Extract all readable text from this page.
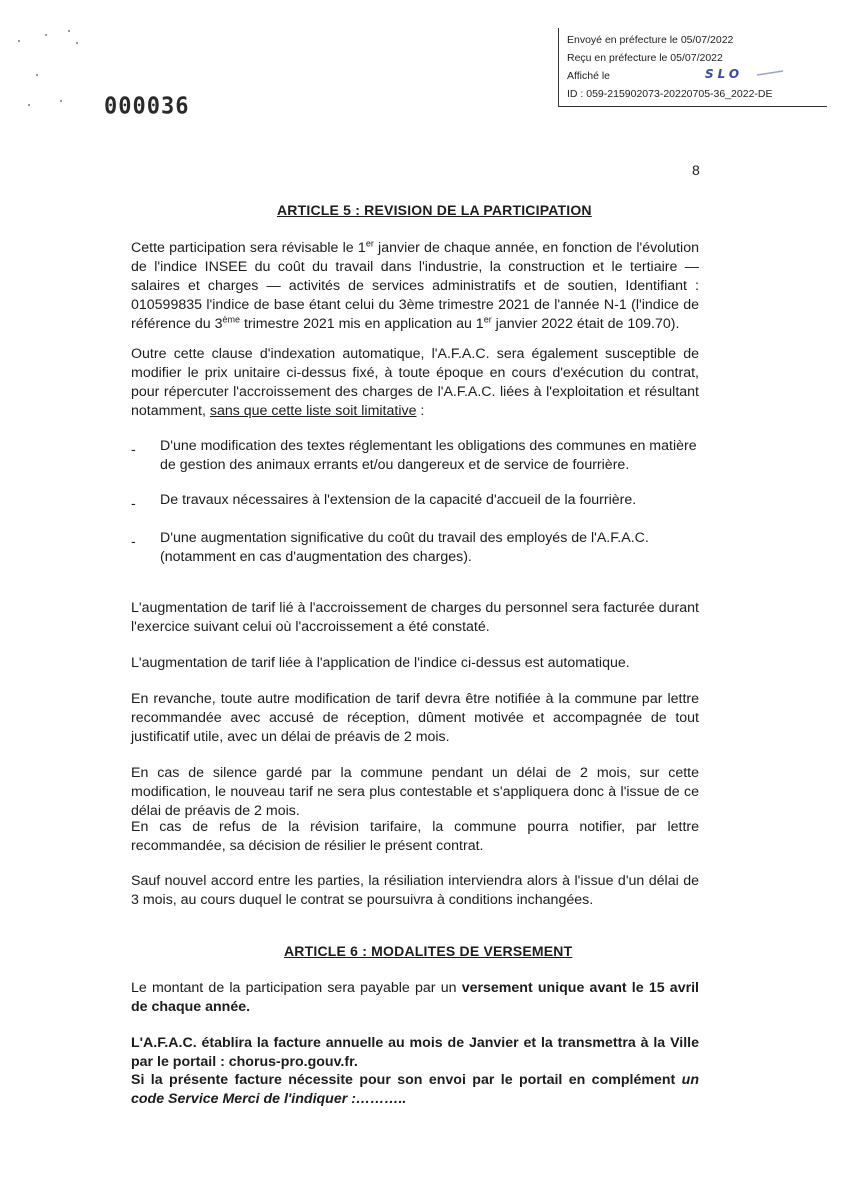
Envoyé en préfecture le 05/07/2022
Reçu en préfecture le 05/07/2022
Affiché le	SLO
ID : 059-215902073-20220705-36_2022-DE
000036
8
ARTICLE 5 : REVISION DE LA PARTICIPATION
Cette participation sera révisable le 1er janvier de chaque année, en fonction de l'évolution de l'indice INSEE du coût du travail dans l'industrie, la construction et le tertiaire — salaires et charges — activités de services administratifs et de soutien, Identifiant : 010599835 l'indice de base étant celui du 3ème trimestre 2021 de l'année N-1 (l'indice de référence du 3ème trimestre 2021 mis en application au 1er janvier 2022 était de 109.70).
Outre cette clause d'indexation automatique, l'A.F.A.C. sera également susceptible de modifier le prix unitaire ci-dessus fixé, à toute époque en cours d'exécution du contrat, pour répercuter l'accroissement des charges de l'A.F.A.C. liées à l'exploitation et résultant notamment, sans que cette liste soit limitative :
- D'une modification des textes réglementant les obligations des communes en matière de gestion des animaux errants et/ou dangereux et de service de fourrière.
- De travaux nécessaires à l'extension de la capacité d'accueil de la fourrière.
- D'une augmentation significative du coût du travail des employés de l'A.F.A.C. (notamment en cas d'augmentation des charges).
L'augmentation de tarif lié à l'accroissement de charges du personnel sera facturée durant l'exercice suivant celui où l'accroissement a été constaté.
L'augmentation de tarif liée à l'application de l'indice ci-dessus est automatique.
En revanche, toute autre modification de tarif devra être notifiée à la commune par lettre recommandée avec accusé de réception, dûment motivée et accompagnée de tout justificatif utile, avec un délai de préavis de 2 mois.
En cas de silence gardé par la commune pendant un délai de 2 mois, sur cette modification, le nouveau tarif ne sera plus contestable et s'appliquera donc à l'issue de ce délai de préavis de 2 mois.
En cas de refus de la révision tarifaire, la commune pourra notifier, par lettre recommandée, sa décision de résilier le présent contrat.
Sauf nouvel accord entre les parties, la résiliation interviendra alors à l'issue d'un délai de 3 mois, au cours duquel le contrat se poursuivra à conditions inchangées.
ARTICLE 6 : MODALITES DE VERSEMENT
Le montant de la participation sera payable par un versement unique avant le 15 avril de chaque année.
L'A.F.A.C. établira la facture annuelle au mois de Janvier et la transmettra à la Ville par le portail : chorus-pro.gouv.fr.
Si la présente facture nécessite pour son envoi par le portail en complément un code Service Merci de l'indiquer :………..
